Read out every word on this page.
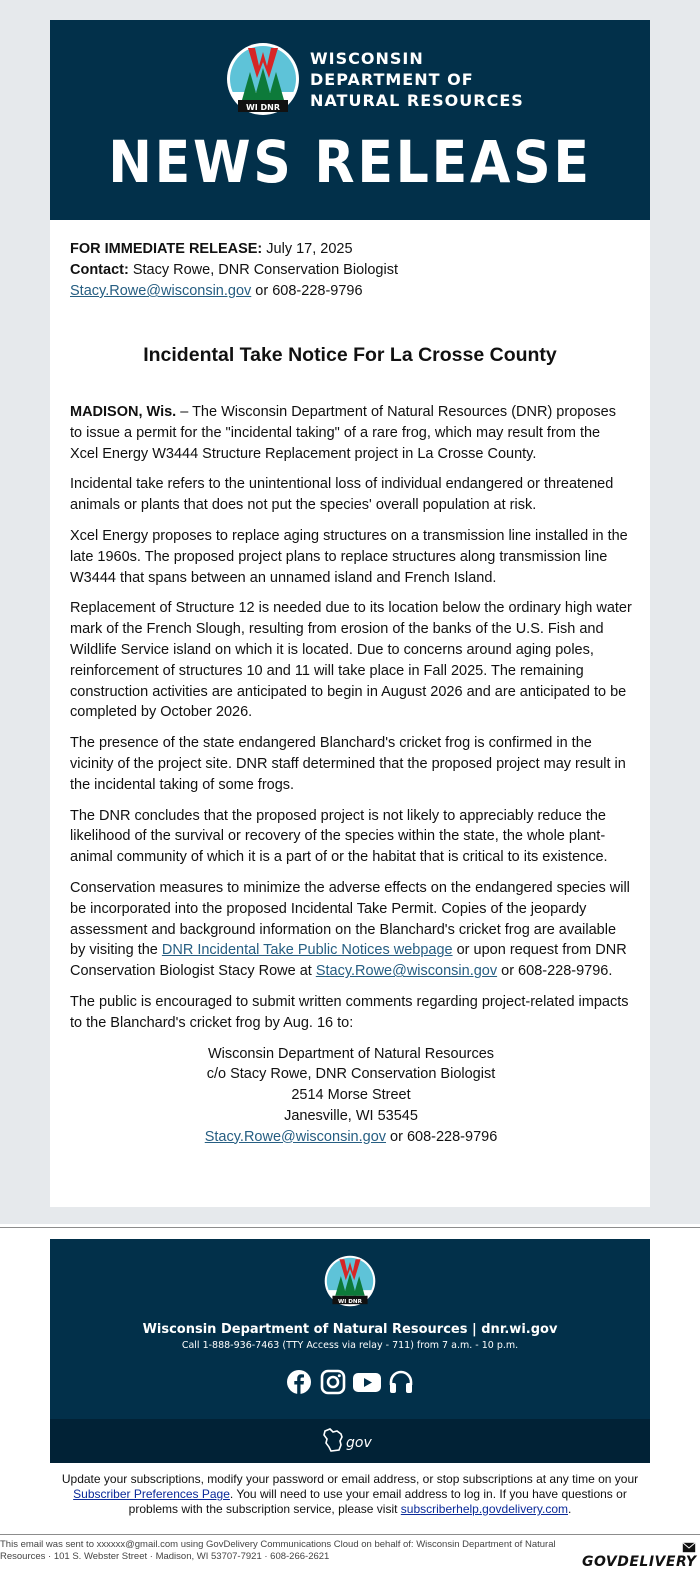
WI DNR
WISCONSIN
DEPARTMENT OF
NATURAL RESOURCES
NEWS RELEASE
FOR IMMEDIATE RELEASE: July 17, 2025
Contact: Stacy Rowe, DNR Conservation Biologist
Stacy.Rowe@wisconsin.gov or 608-228-9796
Incidental Take Notice For La Crosse County

MADISON, Wis. – The Wisconsin Department of Natural Resources (DNR) proposes to issue a permit for the "incidental taking" of a rare frog, which may result from the Xcel Energy W3444 Structure Replacement project in La Crosse County.

Incidental take refers to the unintentional loss of individual endangered or threatened animals or plants that does not put the species' overall population at risk.

Xcel Energy proposes to replace aging structures on a transmission line installed in the late 1960s. The proposed project plans to replace structures along transmission line W3444 that spans between an unnamed island and French Island.

Replacement of Structure 12 is needed due to its location below the ordinary high water mark of the French Slough, resulting from erosion of the banks of the U.S. Fish and Wildlife Service island on which it is located. Due to concerns around aging poles, reinforcement of structures 10 and 11 will take place in Fall 2025. The remaining construction activities are anticipated to begin in August 2026 and are anticipated to be completed by October 2026.

The presence of the state endangered Blanchard's cricket frog is confirmed in the vicinity of the project site. DNR staff determined that the proposed project may result in the incidental taking of some frogs.

The DNR concludes that the proposed project is not likely to appreciably reduce the likelihood of the survival or recovery of the species within the state, the whole plant-animal community of which it is a part of or the habitat that is critical to its existence.

Conservation measures to minimize the adverse effects on the endangered species will be incorporated into the proposed Incidental Take Permit. Copies of the jeopardy assessment and background information on the Blanchard's cricket frog are available by visiting the DNR Incidental Take Public Notices webpage or upon request from DNR Conservation Biologist Stacy Rowe at Stacy.Rowe@wisconsin.gov or 608-228-9796.

The public is encouraged to submit written comments regarding project-related impacts to the Blanchard's cricket frog by Aug. 16 to:

Wisconsin Department of Natural Resources
c/o Stacy Rowe, DNR Conservation Biologist
2514 Morse Street
Janesville, WI 53545
Stacy.Rowe@wisconsin.gov or 608-228-9796
WI DNR
Wisconsin Department of Natural Resources | dnr.wi.gov
Call 1-888-936-7463 (TTY Access via relay - 711) from 7 a.m. - 10 p.m.
gov
Update your subscriptions, modify your password or email address, or stop subscriptions at any time on your Subscriber Preferences Page. You will need to use your email address to log in. If you have questions or problems with the subscription service, please visit subscriberhelp.govdelivery.com.
This email was sent to xxxxxx@gmail.com using GovDelivery Communications Cloud on behalf of: Wisconsin Department of Natural Resources · 101 S. Webster Street · Madison, WI 53707-7921 · 608-266-2621	GOVDELIVERY
